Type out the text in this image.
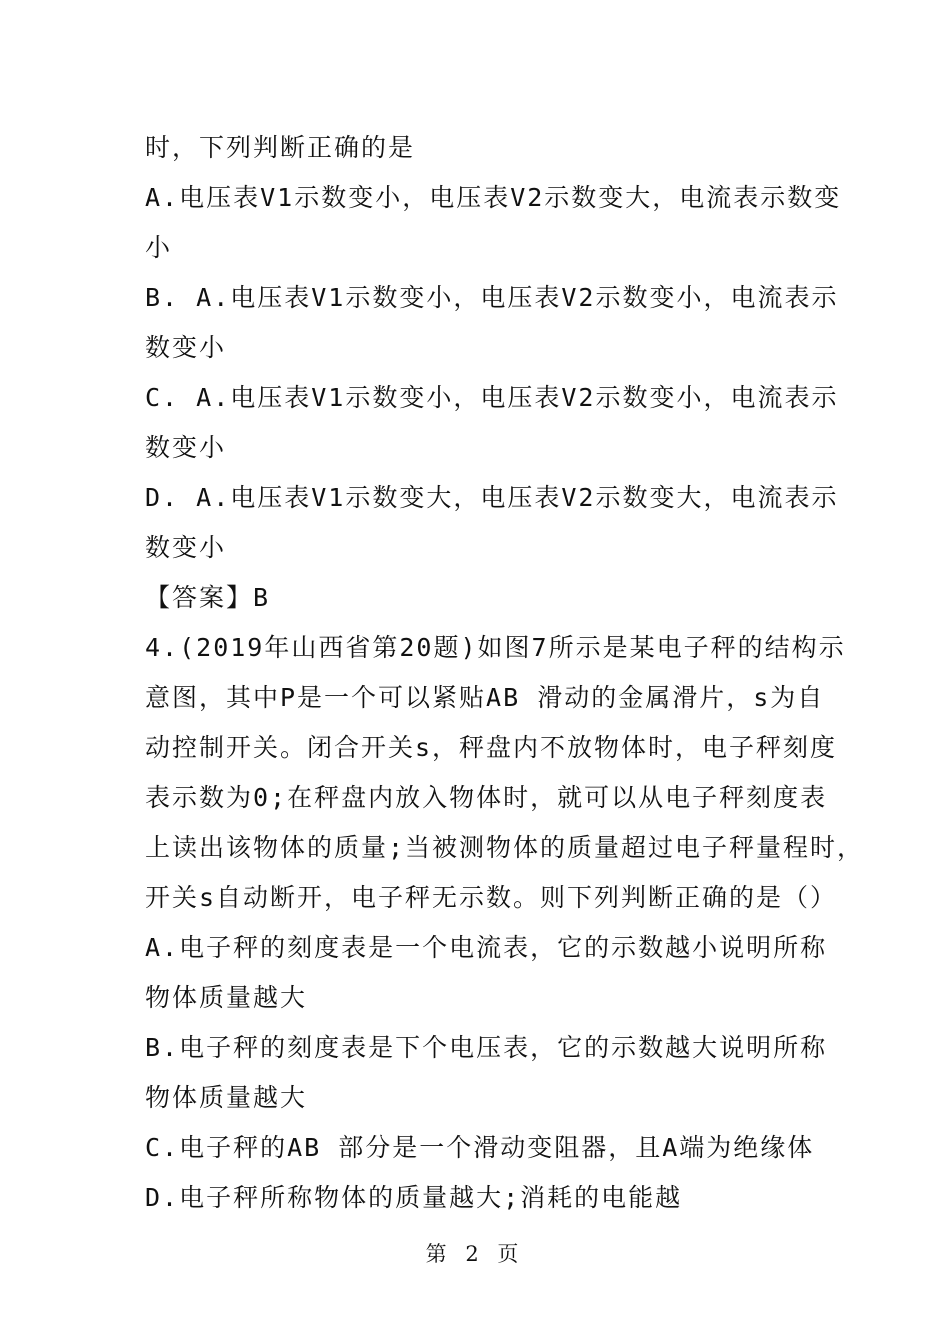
时，下列判断正确的是
A.电压表V1示数变小，电压表V2示数变大，电流表示数变
小
B. A.电压表V1示数变小，电压表V2示数变小，电流表示
数变小
C. A.电压表V1示数变小，电压表V2示数变小，电流表示
数变小
D. A.电压表V1示数变大，电压表V2示数变大，电流表示
数变小
【答案】B
4.(2019年山西省第20题)如图7所示是某电子秤的结构示
意图，其中P是一个可以紧贴AB 滑动的金属滑片，s为自
动控制开关。闭合开关s，秤盘内不放物体时，电子秤刻度
表示数为0;在秤盘内放入物体时，就可以从电子秤刻度表
上读出该物体的质量;当被测物体的质量超过电子秤量程时，
开关s自动断开，电子秤无示数。则下列判断正确的是（）
A.电子秤的刻度表是一个电流表，它的示数越小说明所称
物体质量越大
B.电子秤的刻度表是下个电压表，它的示数越大说明所称
物体质量越大
C.电子秤的AB 部分是一个滑动变阻器，且A端为绝缘体
D.电子秤所称物体的质量越大;消耗的电能越
第 2 页
